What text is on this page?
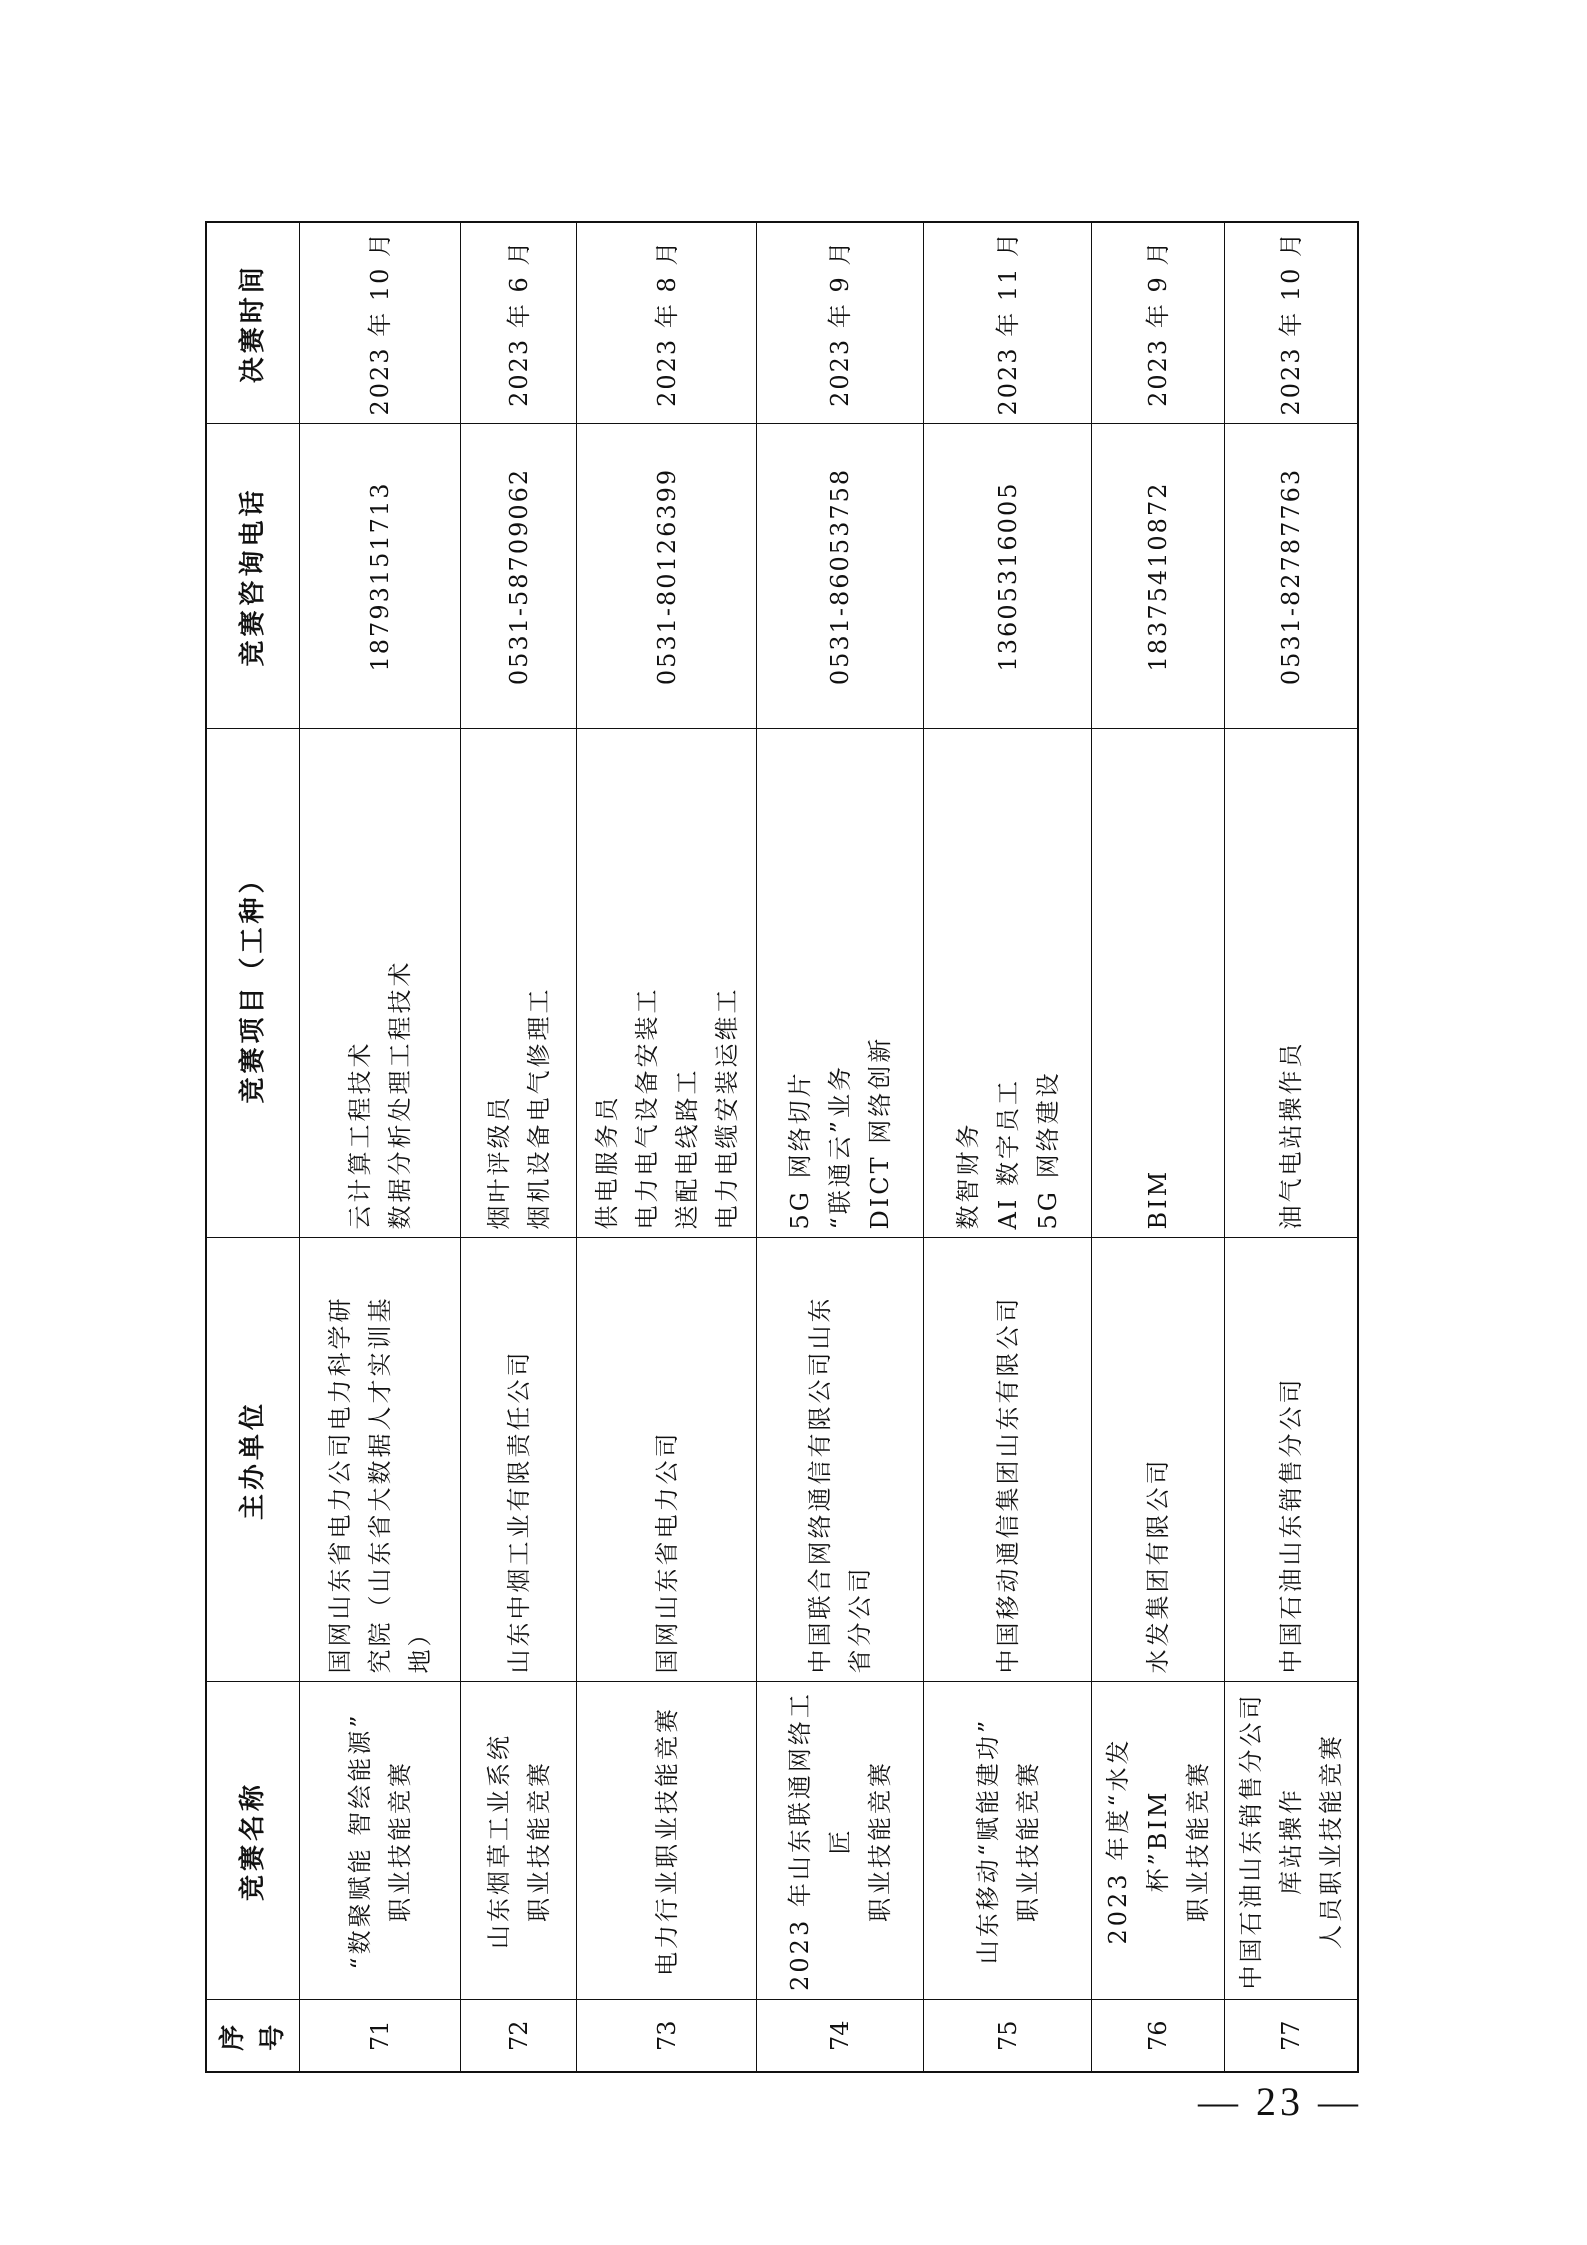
序号	竞赛名称	主办单位	竞赛项目（工种）	竞赛咨询电话	决赛时间
71	“数聚赋能 智绘能源” 职业技能竞赛	国网山东省电力公司电力科学研 究院（山东省大数据人才实训基 地）	云计算工程技术 数据分析处理工程技术	18793151713	2023 年 10 月
72	山东烟草工业系统 职业技能竞赛	山东中烟工业有限责任公司	烟叶评级员 烟机设备电气修理工	0531-58709062	2023 年 6 月
73	电力行业职业技能竞赛	国网山东省电力公司	供电服务员 电力电气设备安装工 送配电线路工 电力电缆安装运维工	0531-80126399	2023 年 8 月
74	2023 年山东联通网络工匠 职业技能竞赛	中国联合网络通信有限公司山东 省分公司	5G 网络切片 “联通云”业务 DICT 网络创新	0531-86053758	2023 年 9 月
75	山东移动“赋能建功” 职业技能竞赛	中国移动通信集团山东有限公司	数智财务 AI 数字员工 5G 网络建设	13605316005	2023 年 11 月
76	2023 年度“水发杯”BIM 职业技能竞赛	水发集团有限公司	BIM	18375410872	2023 年 9 月
77	中国石油山东销售分公司库站操作 人员职业技能竞赛	中国石油山东销售分公司	油气电站操作员	0531-82787763	2023 年 10 月
— 23 —
